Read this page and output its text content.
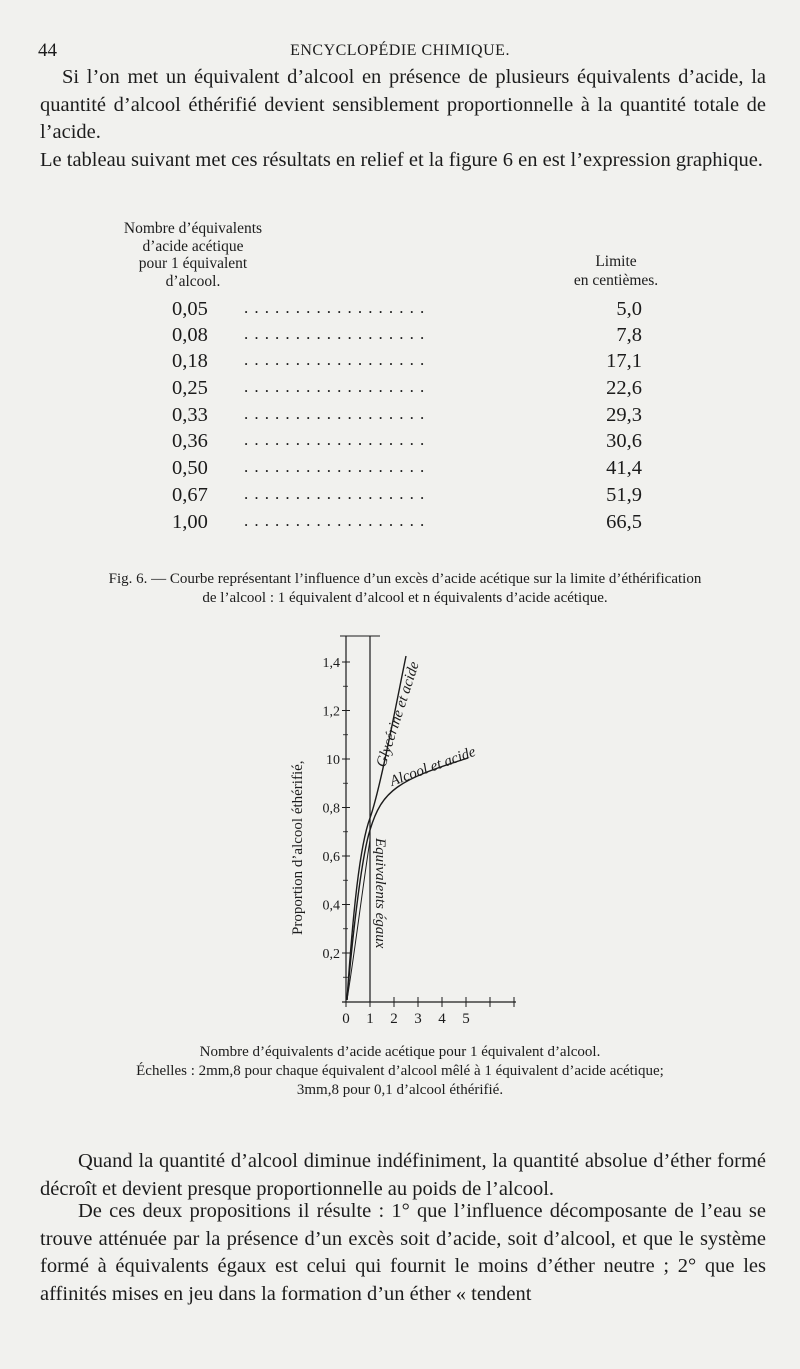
44	ENCYCLOPÉDIE CHIMIQUE.
Si l’on met un équivalent d’alcool en présence de plusieurs équivalents d’acide, la quantité d’alcool éthérifié devient sensiblement proportionnelle à la quantité totale de l’acide.
Le tableau suivant met ces résultats en relief et la figure 6 en est l’expression graphique.
Nombre d’équivalents
d’acide acétique
pour 1 équivalent
d’alcool.
Limite
en centièmes.
0,05 ..................	5,0
0,08 ..................	7,8
0,18 ..................	17,1
0,25 ..................	22,6
0,33 ..................	29,3
0,36 ..................	30,6
0,50 ..................	41,4
0,67 ..................	51,9
1,00 ..................	66,5
Fig. 6. — Courbe représentant l’influence d’un excès d’acide acétique sur la limite d’éthérification
de l’alcool : 1 équivalent d’alcool et n équivalents d’acide acétique.
Proportion d’alcool éthérifié,
1,4
1,2
10
0,8
0,6
0,4
0,2
0 1 2 3 4 5
Glycérine et acide
Alcool et acide
Equivalents égaux
Nombre d’équivalents d’acide acétique pour 1 équivalent d’alcool.
Échelles : 2mm,8 pour chaque équivalent d’alcool mêlé à 1 équivalent d’acide acétique;
3mm,8 pour 0,1 d’alcool éthérifié.
Quand la quantité d’alcool diminue indéfiniment, la quantité absolue d’éther formé décroît et devient presque proportionnelle au poids de l’alcool.
De ces deux propositions il résulte : 1° que l’influence décomposante de l’eau se trouve atténuée par la présence d’un excès soit d’acide, soit d’alcool, et que le système formé à équivalents égaux est celui qui fournit le moins d’éther neutre ; 2° que les affinités mises en jeu dans la formation d’un éther « tendent
